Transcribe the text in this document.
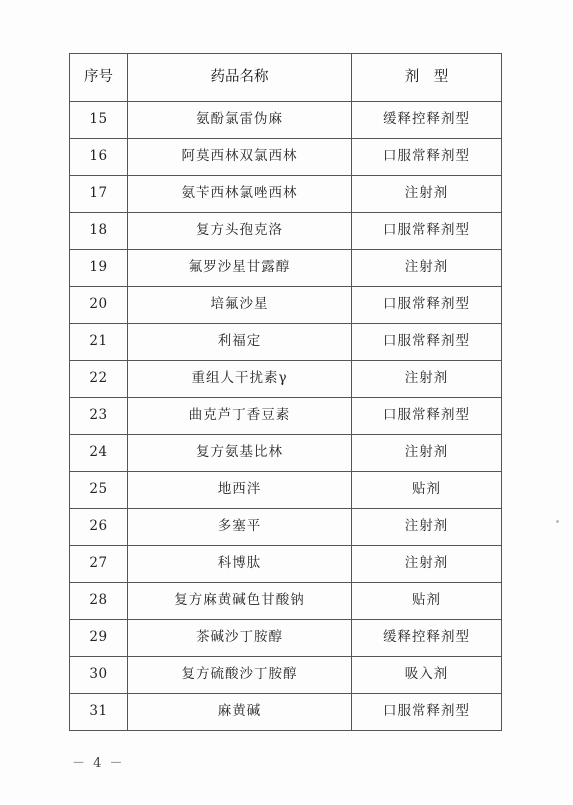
序号	药品名称	剂　型
15	氨酚氯雷伪麻	缓释控释剂型
16	阿莫西林双氯西林	口服常释剂型
17	氨苄西林氯唑西林	注射剂
18	复方头孢克洛	口服常释剂型
19	氟罗沙星甘露醇	注射剂
20	培氟沙星	口服常释剂型
21	利福定	口服常释剂型
22	重组人干扰素γ	注射剂
23	曲克芦丁香豆素	口服常释剂型
24	复方氨基比林	注射剂
25	地西泮	贴剂
26	多塞平	注射剂
27	科博肽	注射剂
28	复方麻黄碱色甘酸钠	贴剂
29	茶碱沙丁胺醇	缓释控释剂型
30	复方硫酸沙丁胺醇	吸入剂
31	麻黄碱	口服常释剂型
－ 4 －
